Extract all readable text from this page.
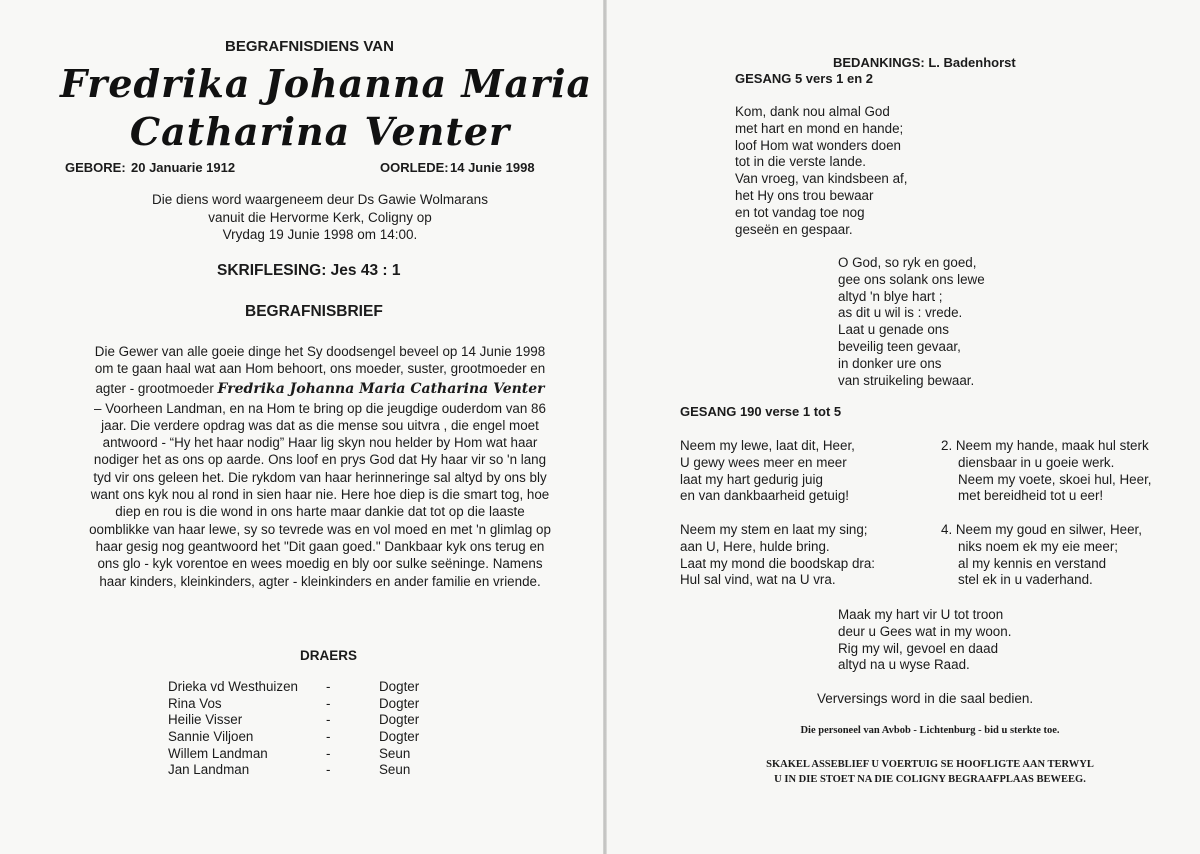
BEGRAFNISDIENS VAN
Fredrika Johanna Maria
Catharina Venter
GEBORE: 20 Januarie 1912	OORLEDE: 14 Junie 1998
Die diens word waargeneem deur Ds Gawie Wolmarans
vanuit die Hervorme Kerk, Coligny op
Vrydag 19 Junie 1998 om 14:00.
SKRIFLESING: Jes 43 : 1
BEGRAFNISBRIEF
Die Gewer van alle goeie dinge het Sy doodsengel beveel op 14 Junie 1998
om te gaan haal wat aan Hom behoort, ons moeder, suster, grootmoeder en
agter - grootmoeder Fredrika Johanna Maria Catharina Venter
– Voorheen Landman, en na Hom te bring op die jeugdige ouderdom van 86
jaar. Die verdere opdrag was dat as die mense sou uitvra , die engel moet
antwoord - “Hy het haar nodig” Haar lig skyn nou helder by Hom wat haar
nodiger het as ons op aarde. Ons loof en prys God dat Hy haar vir so 'n lang
tyd vir ons geleen het. Die rykdom van haar herinneringe sal altyd by ons bly
want ons kyk nou al rond in sien haar nie. Here hoe diep is die smart tog, hoe
diep en rou is die wond in ons harte maar dankie dat tot op die laaste
oomblikke van haar lewe, sy so tevrede was en vol moed en met 'n glimlag op
haar gesig nog geantwoord het "Dit gaan goed." Dankbaar kyk ons terug en
ons glo - kyk vorentoe en wees moedig en bly oor sulke seëninge. Namens
haar kinders, kleinkinders, agter - kleinkinders en ander familie en vriende.
DRAERS
Drieka vd Westhuizen	-	Dogter
Rina Vos	-	Dogter
Heilie Visser	-	Dogter
Sannie Viljoen	-	Dogter
Willem Landman	-	Seun
Jan Landman	-	Seun
BEDANKINGS: L. Badenhorst
GESANG 5 vers 1 en 2
Kom, dank nou almal God
met hart en mond en hande;
loof Hom wat wonders doen
tot in die verste lande.
Van vroeg, van kindsbeen af,
het Hy ons trou bewaar
en tot vandag toe nog
geseën en gespaar.
O God, so ryk en goed,
gee ons solank ons lewe
altyd 'n blye hart ;
as dit u wil is : vrede.
Laat u genade ons
beveilig teen gevaar,
in donker ure ons
van struikeling bewaar.
GESANG 190 verse 1 tot 5
Neem my lewe, laat dit, Heer,
U gewy wees meer en meer
laat my hart gedurig juig
en van dankbaarheid getuig!
2. Neem my hande, maak hul sterk
diensbaar in u goeie werk.
Neem my voete, skoei hul, Heer,
met bereidheid tot u eer!
Neem my stem en laat my sing;
aan U, Here, hulde bring.
Laat my mond die boodskap dra:
Hul sal vind, wat na U vra.
4. Neem my goud en silwer, Heer,
niks noem ek my eie meer;
al my kennis en verstand
stel ek in u vaderhand.
Maak my hart vir U tot troon
deur u Gees wat in my woon.
Rig my wil, gevoel en daad
altyd na u wyse Raad.
Verversings word in die saal bedien.
Die personeel van Avbob - Lichtenburg - bid u sterkte toe.
SKAKEL ASSEBLIEF U VOERTUIG SE HOOFLIGTE AAN TERWYL
U IN DIE STOET NA DIE COLIGNY BEGRAAFPLAAS BEWEEG.
